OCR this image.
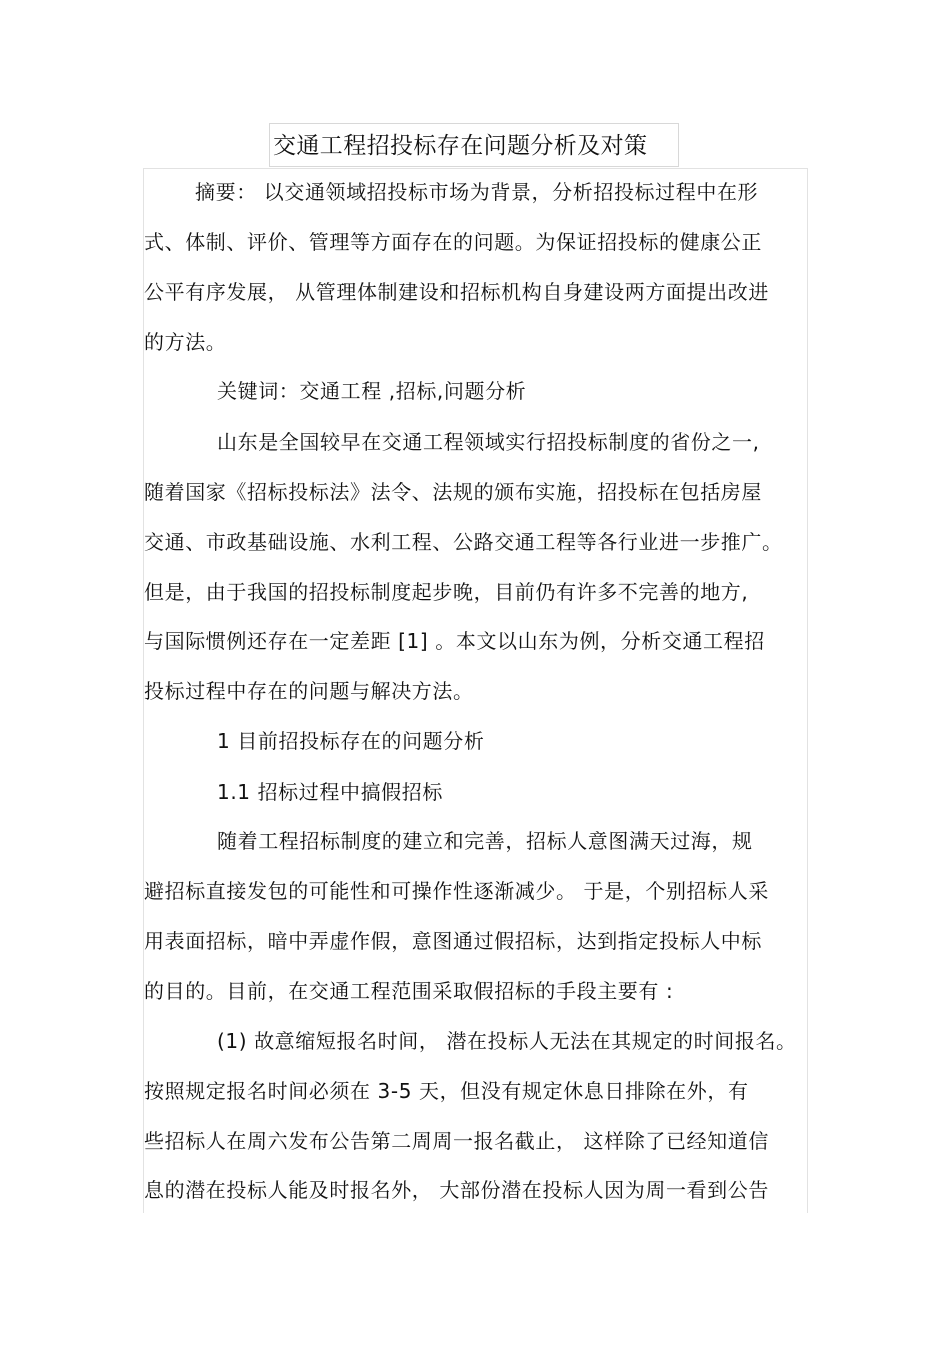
交通工程招投标存在问题分析及对策
摘要： 以交通领域招投标市场为背景，分析招投标过程中在形
式、体制、评价、管理等方面存在的问题。为保证招投标的健康公正
公平有序发展， 从管理体制建设和招标机构自身建设两方面提出改进
的方法。
关键词：交通工程 ,招标,问题分析
山东是全国较早在交通工程领域实行招投标制度的省份之一,
随着国家《招标投标法》法令、法规的颁布实施，招投标在包括房屋
交通、市政基础设施、水利工程、公路交通工程等各行业进一步推广。
但是，由于我国的招投标制度起步晚，目前仍有许多不完善的地方,
与国际惯例还存在一定差距 [1] 。本文以山东为例，分析交通工程招
投标过程中存在的问题与解决方法。
1 目前招投标存在的问题分析
1.1 招标过程中搞假招标
随着工程招标制度的建立和完善，招标人意图满天过海，规
避招标直接发包的可能性和可操作性逐渐减少。 于是，个别招标人采
用表面招标，暗中弄虚作假，意图通过假招标，达到指定投标人中标
的目的。目前，在交通工程范围采取假招标的手段主要有 :
(1) 故意缩短报名时间， 潜在投标人无法在其规定的时间报名。
按照规定报名时间必须在 3-5 天，但没有规定休息日排除在外，有
些招标人在周六发布公告第二周周一报名截止， 这样除了已经知道信
息的潜在投标人能及时报名外， 大部份潜在投标人因为周一看到公告
